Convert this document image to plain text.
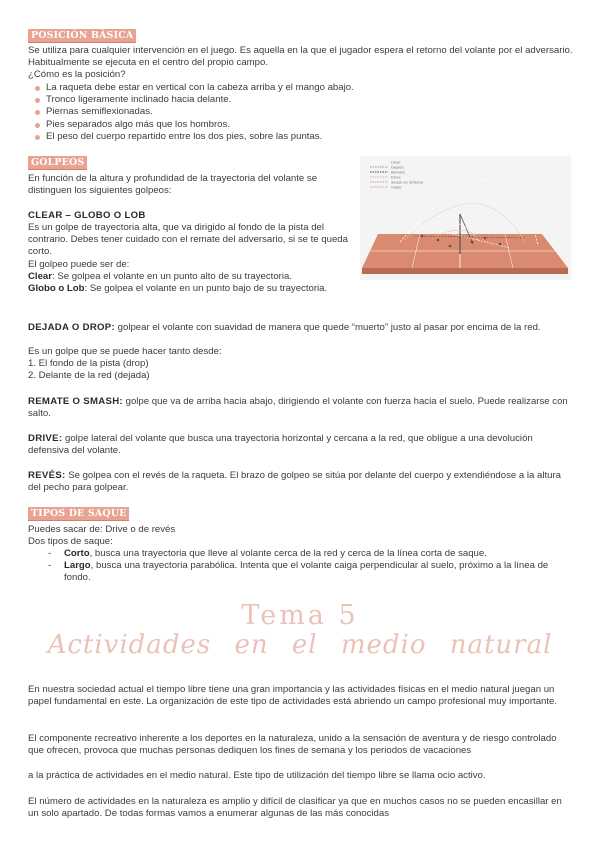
POSICIÓN BÁSICA

Se utiliza para cualquier intervención en el juego. Es aquella en la que el jugador espera el retorno del volante por el adversario. Habitualmente se ejecuta en el centro del propio campo.

¿Cómo es la posición?

La raqueta debe estar en vertical con la cabeza arriba y el mango abajo.
Tronco ligeramente inclinado hacia delante.
Piernas semiflexionadas.
Pies separados algo más que los hombros.
El peso del cuerpo repartido entre los dos pies, sobre las puntas.
GOLPEOS

En función de la altura y profundidad de la trayectoria del volante se distinguen los siguientes golpeos:

CLEAR – GLOBO O LOB

Es un golpe de trayectoria alta, que va dirigido al fondo de la pista del contrario. Debes tener cuidado con el remate del adversario, si se te queda corto.

El golpeo puede ser de:

Clear: Se golpea el volante en un punto alto de su trayectoria.

Globo o Lob: Se golpea el volante en un punto bajo de su trayectoria.

Clear
Dejada
Remate
Drive
Saque en defensa
Globo

DEJADA O DROP: golpear el volante con suavidad de manera que quede “muerto” justo al pasar por encima de la red.

Es un golpe que se puede hacer tanto desde:

1. El fondo de la pista (drop)

2. Delante de la red (dejada)

REMATE O SMASH: golpe que va de arriba hacia abajo, dirigiendo el volante con fuerza hacia el suelo. Puede realizarse con salto.

DRIVE: golpe lateral del volante que busca una trayectoria horizontal y cercana a la red, que obligue a una devolución defensiva del volante.

REVÉS: Se golpea con el revés de la raqueta. El brazo de golpeo se sitúa por delante del cuerpo y extendiéndose a la altura del pecho para golpear.

TIPOS DE SAQUE

Puedes sacar de: Drive o de revés

Dos tipos de saque:

- Corto, busca una trayectoria que lleve al volante cerca de la red y cerca de la línea corta de saque.
- Largo, busca una trayectoria parabólica. Intenta que el volante caiga perpendicular al suelo, próximo a la línea de fondo.
Tema 5
Actividades en el medio natural

En nuestra sociedad actual el tiempo libre tiene una gran importancia y las actividades físicas en el medio natural juegan un papel fundamental en este. La organización de este tipo de actividades está abriendo un campo profesional muy importante.

El componente recreativo inherente a los deportes en la naturaleza, unido a la sensación de aventura y de riesgo controlado que ofrecen, provoca que muchas personas dediquen los fines de semana y los periodos de vacaciones

a la práctica de actividades en el medio natural. Este tipo de utilización del tiempo libre se llama ocio activo.

El número de actividades en la naturaleza es amplio y difícil de clasificar ya que en muchos casos no se pueden encasillar en un solo apartado. De todas formas vamos a enumerar algunas de las más conocidas
